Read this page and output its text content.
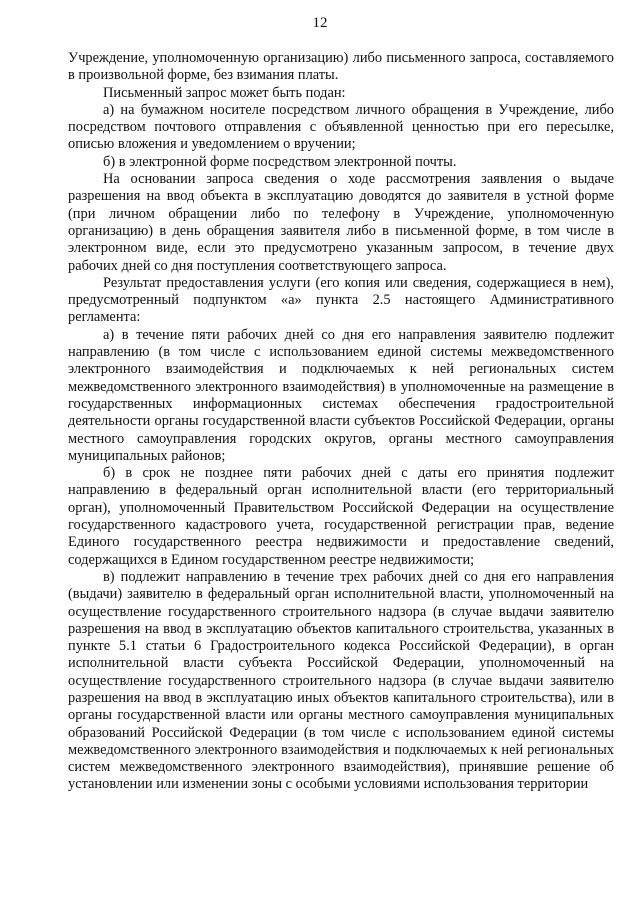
12

Учреждение, уполномоченную организацию) либо письменного запроса, составляемого в произвольной форме, без взимания платы.

Письменный запрос может быть подан:

а) на бумажном носителе посредством личного обращения в Учреждение, либо посредством почтового отправления с объявленной ценностью при его пересылке, описью вложения и уведомлением о вручении;

б) в электронной форме посредством электронной почты.

На основании запроса сведения о ходе рассмотрения заявления о выдаче разрешения на ввод объекта в эксплуатацию доводятся до заявителя в устной форме (при личном обращении либо по телефону в Учреждение, уполномоченную организацию) в день обращения заявителя либо в письменной форме, в том числе в электронном виде, если это предусмотрено указанным запросом, в течение двух рабочих дней со дня поступления соответствующего запроса.

Результат предоставления услуги (его копия или сведения, содержащиеся в нем), предусмотренный подпунктом «а» пункта 2.5 настоящего Административного регламента:

а) в течение пяти рабочих дней со дня его направления заявителю подлежит направлению (в том числе с использованием единой системы межведомственного электронного взаимодействия и подключаемых к ней региональных систем межведомственного электронного взаимодействия) в уполномоченные на размещение в государственных информационных системах обеспечения градостроительной деятельности органы государственной власти субъектов Российской Федерации, органы местного самоуправления городских округов, органы местного самоуправления муниципальных районов;

б) в срок не позднее пяти рабочих дней с даты его принятия подлежит направлению в федеральный орган исполнительной власти (его территориальный орган), уполномоченный Правительством Российской Федерации на осуществление государственного кадастрового учета, государственной регистрации прав, ведение Единого государственного реестра недвижимости и предоставление сведений, содержащихся в Едином государственном реестре недвижимости;

в) подлежит направлению в течение трех рабочих дней со дня его направления (выдачи) заявителю в федеральный орган исполнительной власти, уполномоченный на осуществление государственного строительного надзора (в случае выдачи заявителю разрешения на ввод в эксплуатацию объектов капитального строительства, указанных в пункте 5.1 статьи 6 Градостроительного кодекса Российской Федерации), в орган исполнительной власти субъекта Российской Федерации, уполномоченный на осуществление государственного строительного надзора (в случае выдачи заявителю разрешения на ввод в эксплуатацию иных объектов капитального строительства), или в органы государственной власти или органы местного самоуправления муниципальных образований Российской Федерации (в том числе с использованием единой системы межведомственного электронного взаимодействия и подключаемых к ней региональных систем межведомственного электронного взаимодействия), принявшие решение об установлении или изменении зоны с особыми условиями использования территории
